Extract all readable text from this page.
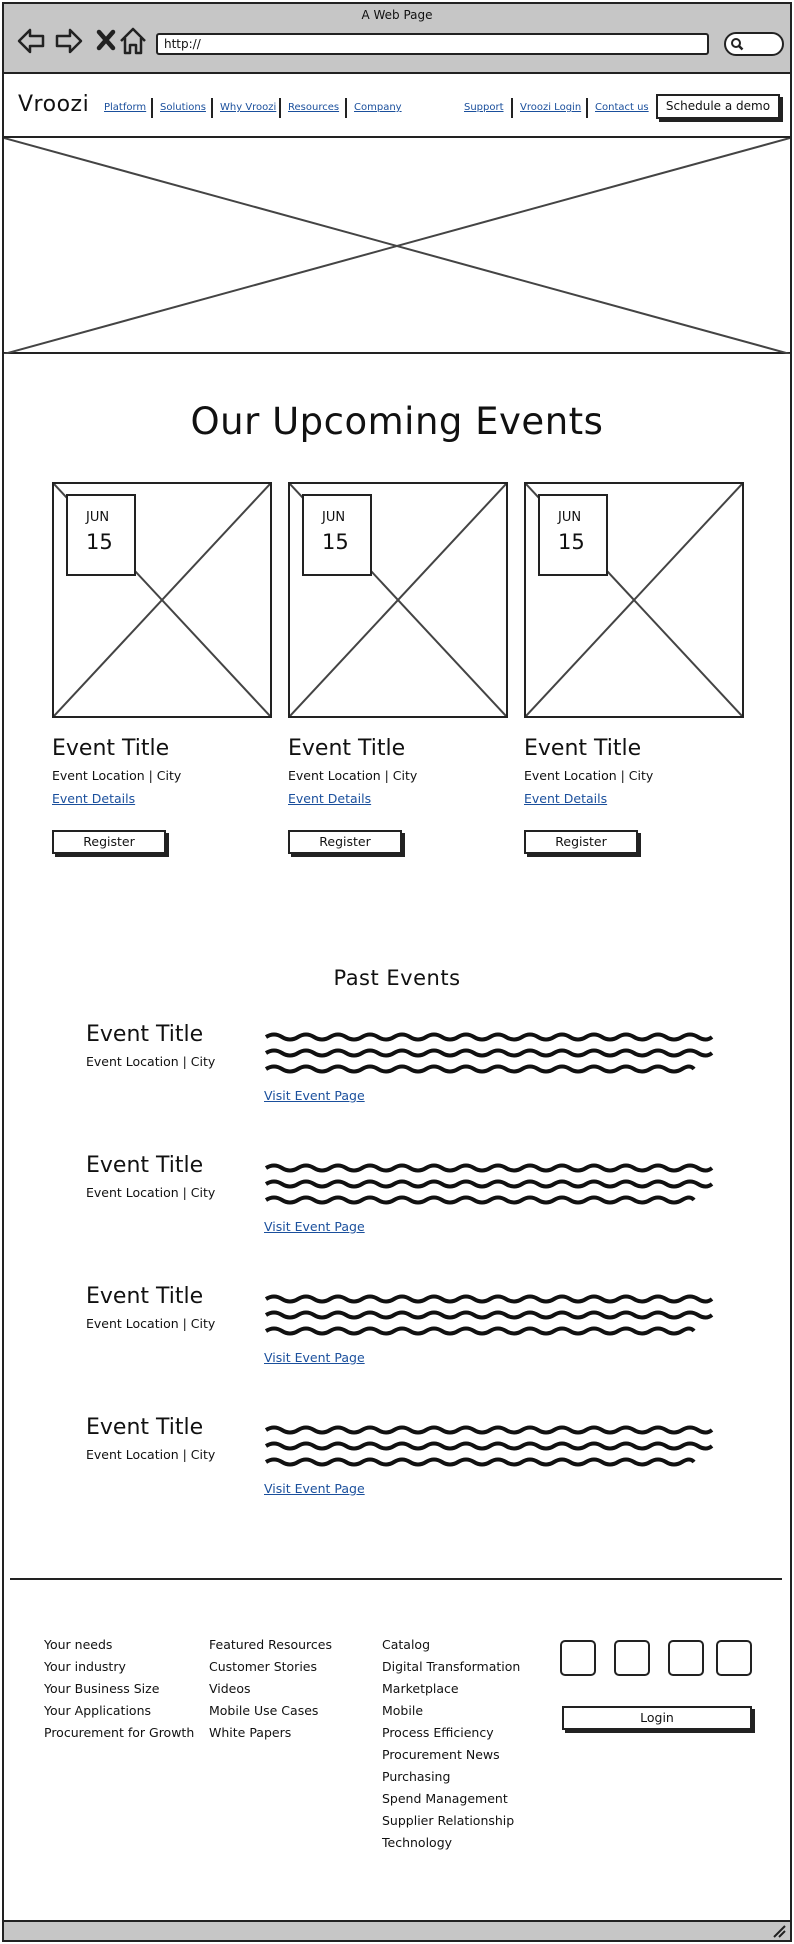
A Web Page
http://
Vroozi Platform Solutions Why Vroozi Resources Company	Support Vroozi Login Contact us	Schedule a demo
Our Upcoming Events
JUN
15
Event Title
Event Location | City
Event Details
Register
JUN
15
Event Title
Event Location | City
Event Details
Register
JUN
15
Event Title
Event Location | City
Event Details
Register
Past Events
Event Title
Event Location | City
Visit Event Page
Event Title
Event Location | City
Visit Event Page
Event Title
Event Location | City
Visit Event Page
Event Title
Event Location | City
Visit Event Page
Your needs
Your industry
Your Business Size
Your Applications
Procurement for Growth
Featured Resources
Customer Stories
Videos
Mobile Use Cases
White Papers
Catalog
Digital Transformation
Marketplace
Mobile
Process Efficiency
Procurement News
Purchasing
Spend Management
Supplier Relationship
Technology
Login
